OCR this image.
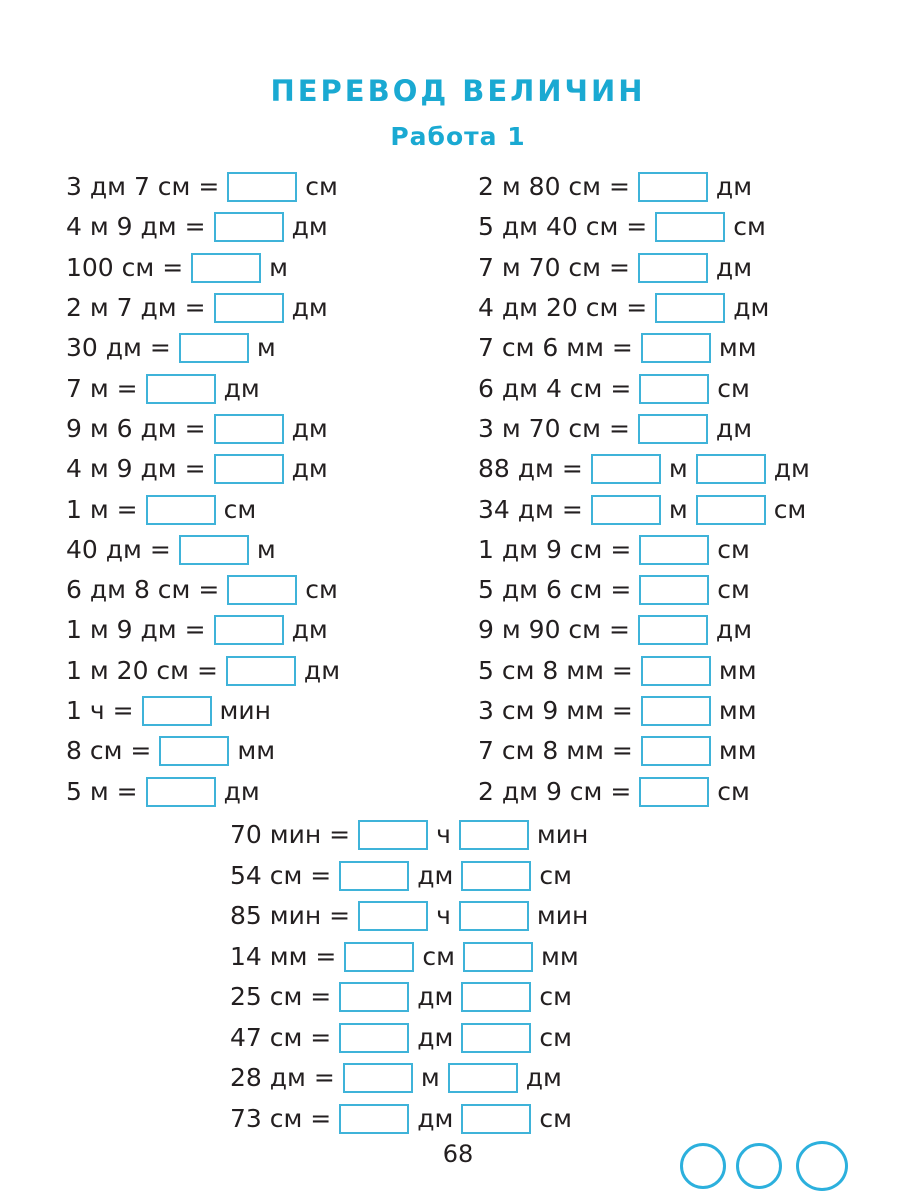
ПЕРЕВОД ВЕЛИЧИН
Работа 1
3 дм 7 см =	см
4 м 9 дм =	дм
100 см =	м
2 м 7 дм =	дм
30 дм =	м
7 м =	дм
9 м 6 дм =	дм
4 м 9 дм =	дм
1 м =	см
40 дм =	м
6 дм 8 см =	см
1 м 9 дм =	дм
1 м 20 см =	дм
1 ч =	мин
8 см =	мм
5 м =	дм
2 м 80 см =	дм
5 дм 40 см =	см
7 м 70 см =	дм
4 дм 20 см =	дм
7 см 6 мм =	мм
6 дм 4 см =	см
3 м 70 см =	дм
88 дм =	м	дм
34 дм =	м	см
1 дм 9 см =	см
5 дм 6 см =	см
9 м 90 см =	дм
5 см 8 мм =	мм
3 см 9 мм =	мм
7 см 8 мм =	мм
2 дм 9 см =	см
70 мин =	ч	мин
54 см =	дм	см
85 мин =	ч	мин
14 мм =	см	мм
25 см =	дм	см
47 см =	дм	см
28 дм =	м	дм
73 см =	дм	см
68
